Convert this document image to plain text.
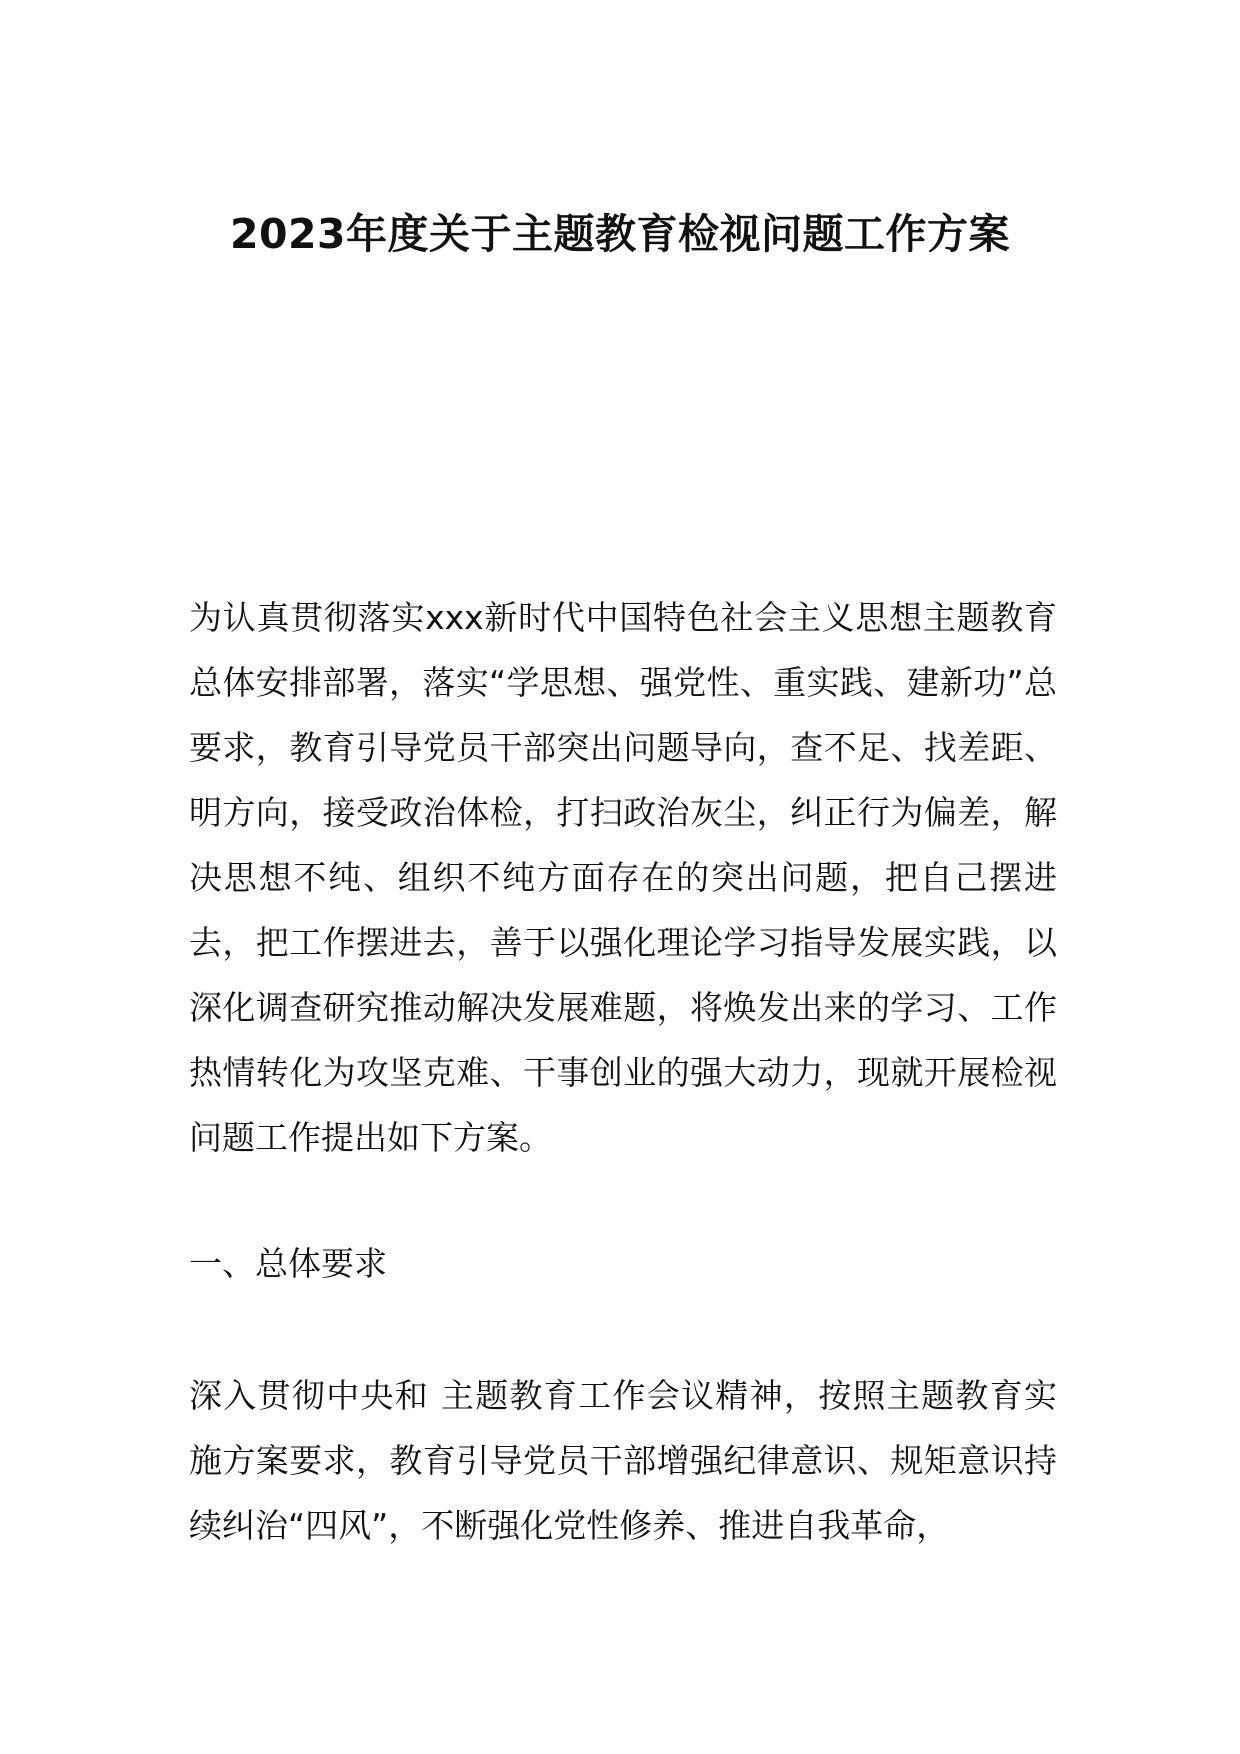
2023年度关于主题教育检视问题工作方案

为认真贯彻落实xxx新时代中国特色社会主义思想主题教育总体安排部署，落实“学思想、强党性、重实践、建新功”总要求，教育引导党员干部突出问题导向，查不足、找差距、明方向，接受政治体检，打扫政治灰尘，纠正行为偏差，解决思想不纯、组织不纯方面存在的突出问题，把自己摆进去，把工作摆进去，善于以强化理论学习指导发展实践，以深化调查研究推动解决发展难题，将焕发出来的学习、工作热情转化为攻坚克难、干事创业的强大动力，现就开展检视问题工作提出如下方案。

一、总体要求

深入贯彻中央和 主题教育工作会议精神，按照主题教育实施方案要求，教育引导党员干部增强纪律意识、规矩意识持续纠治“四风”，不断强化党性修养、推进自我革命，
